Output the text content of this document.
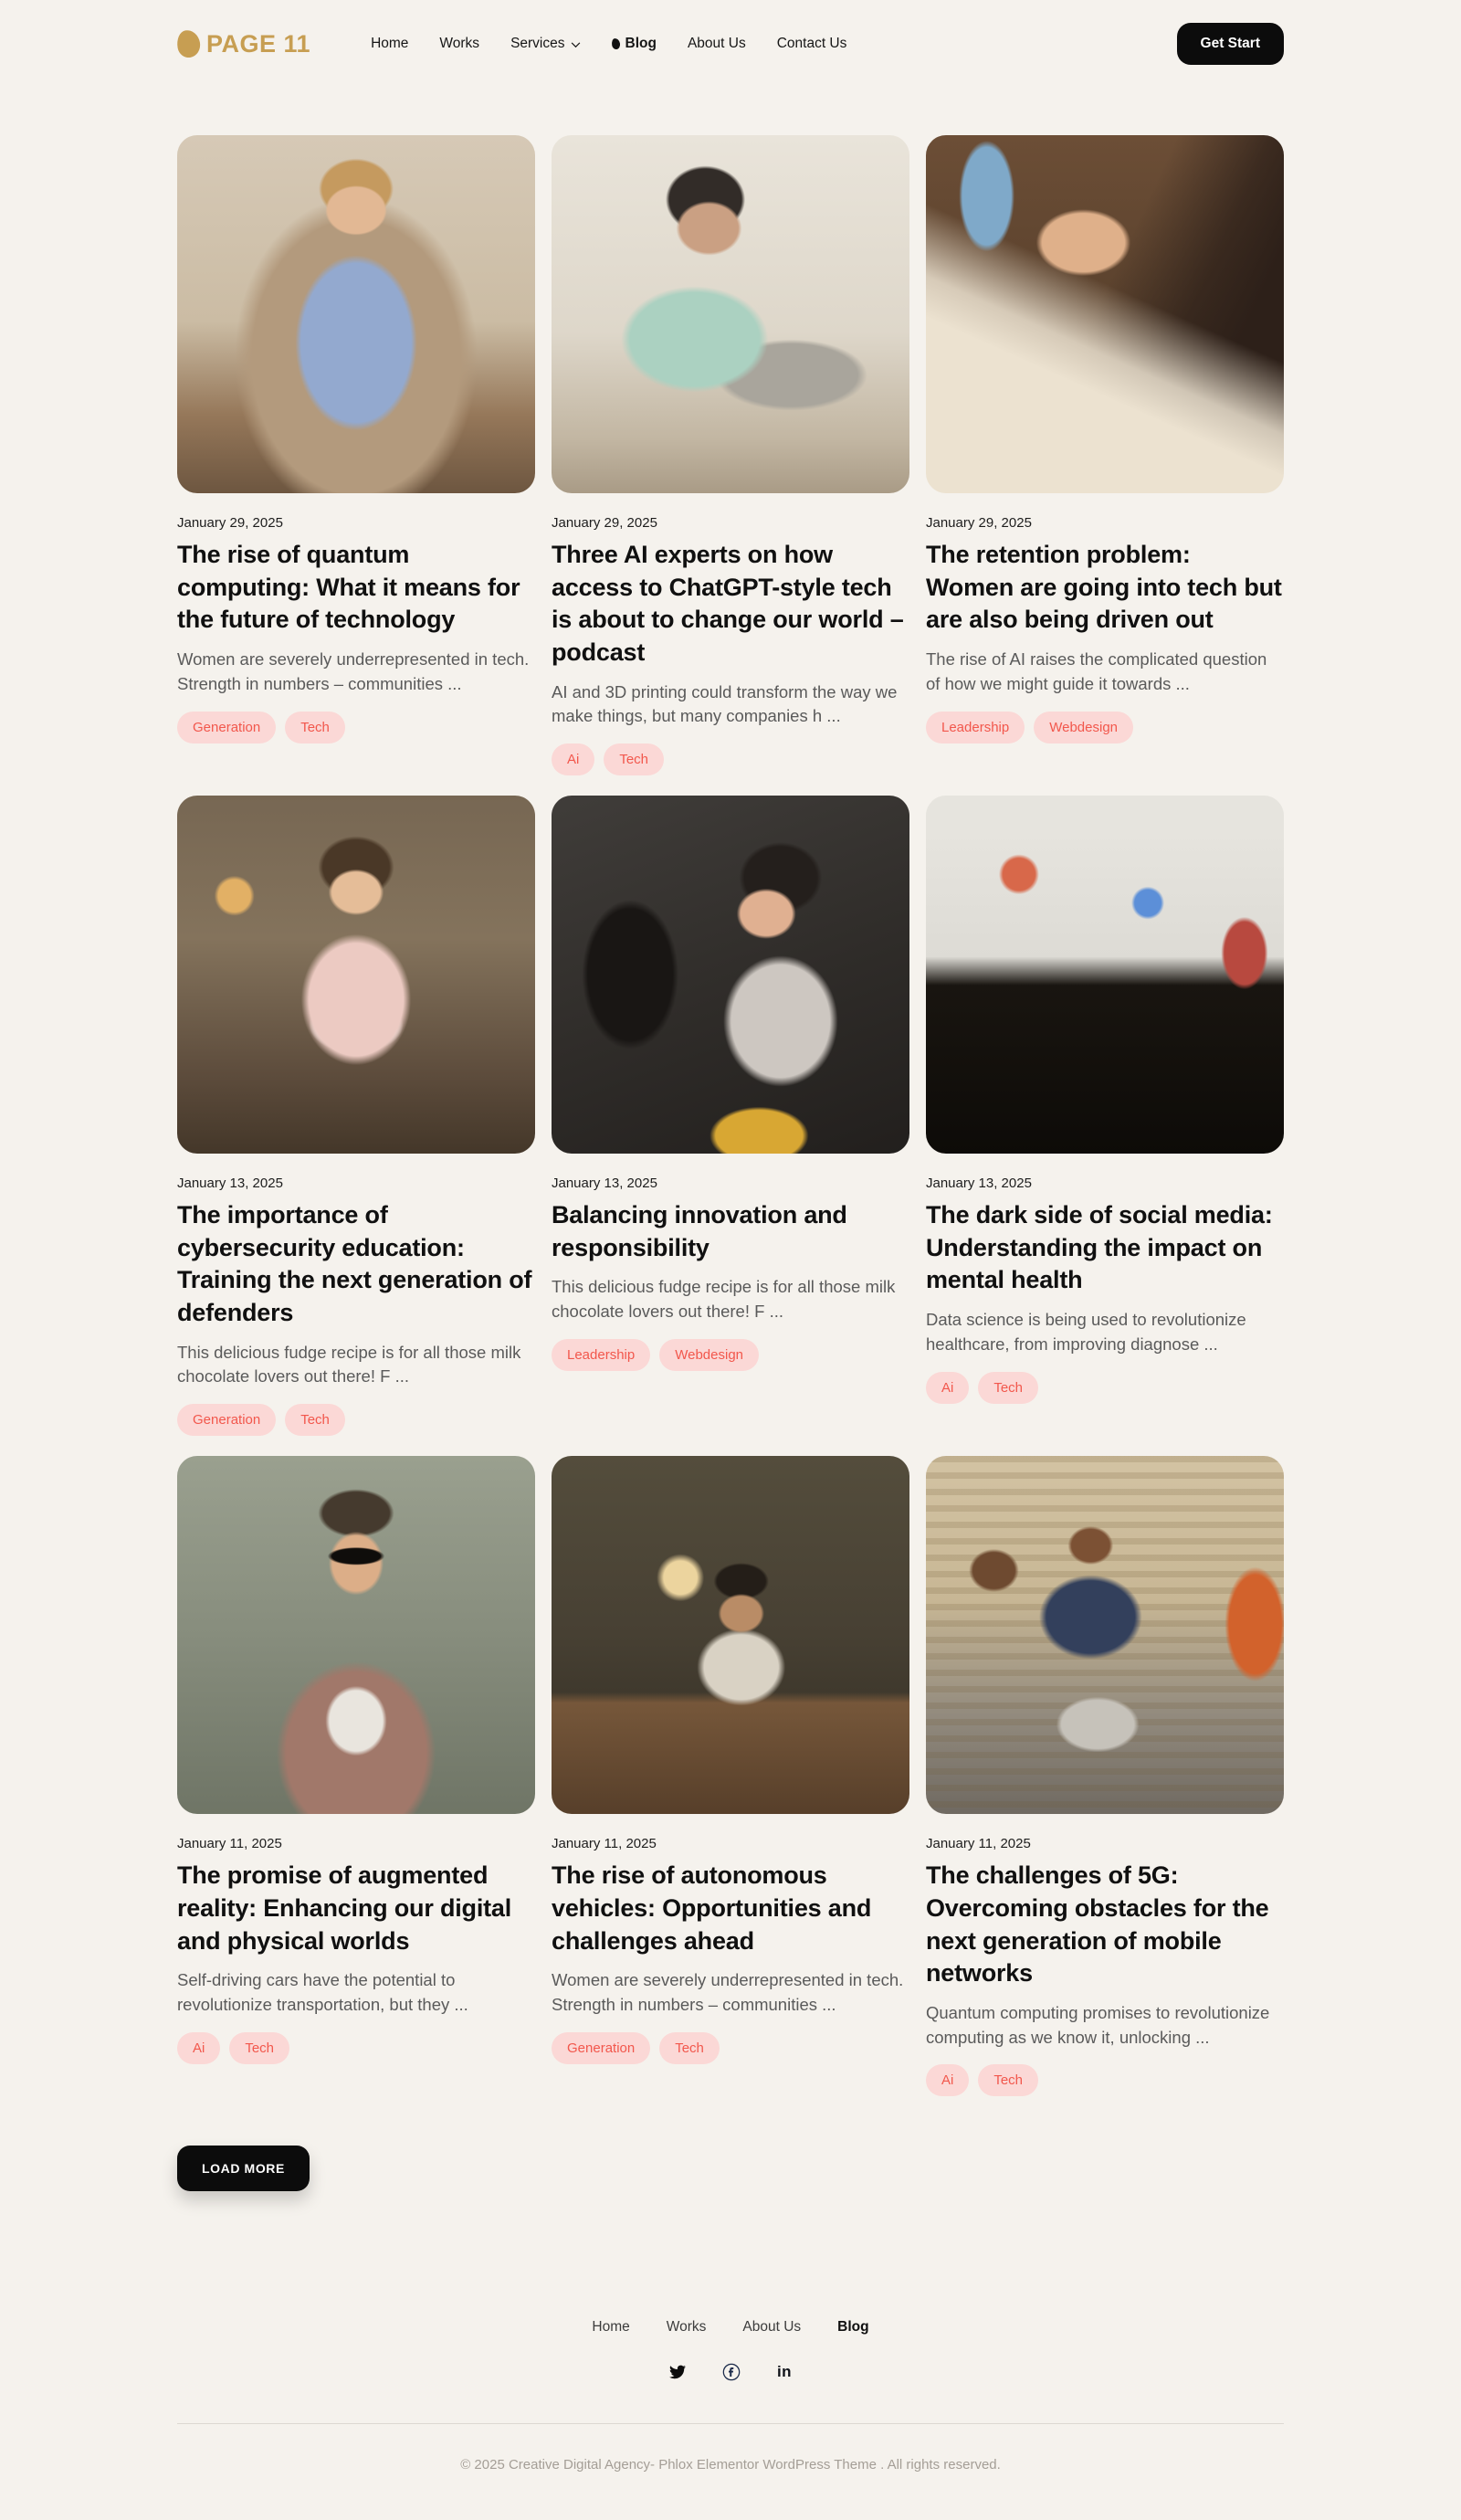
PAGE 11	Home Works Services	Blog About Us Contact Us	Get Start
January 29, 2025
The rise of quantum computing: What it means for the future of technology

Women are severely underrepresented in tech. Strength in numbers – communities ...

Generation	Tech
January 29, 2025
Three AI experts on how access to ChatGPT-style tech is about to change our world – podcast

AI and 3D printing could transform the way we make things, but many companies h ...

Ai	Tech
January 29, 2025
The retention problem: Women are going into tech but are also being driven out

The rise of AI raises the complicated question of how we might guide it towards ...

Leadership	Webdesign
January 13, 2025
The importance of cybersecurity education: Training the next generation of defenders

This delicious fudge recipe is for all those milk chocolate lovers out there! F ...

Generation	Tech
January 13, 2025
Balancing innovation and responsibility

This delicious fudge recipe is for all those milk chocolate lovers out there! F ...

Leadership	Webdesign
January 13, 2025
The dark side of social media: Understanding the impact on mental health

Data science is being used to revolutionize healthcare, from improving diagnose ...

Ai	Tech
January 11, 2025
The promise of augmented reality: Enhancing our digital and physical worlds

Self-driving cars have the potential to revolutionize transportation, but they ...

Ai	Tech
January 11, 2025
The rise of autonomous vehicles: Opportunities and challenges ahead

Women are severely underrepresented in tech. Strength in numbers – communities ...

Generation	Tech
January 11, 2025
The challenges of 5G: Overcoming obstacles for the next generation of mobile networks

Quantum computing promises to revolutionize computing as we know it, unlocking ...

Ai	Tech
LOAD MORE
Home	Works	About Us	Blog
in
© 2025 Creative Digital Agency- Phlox Elementor WordPress Theme . All rights reserved.
